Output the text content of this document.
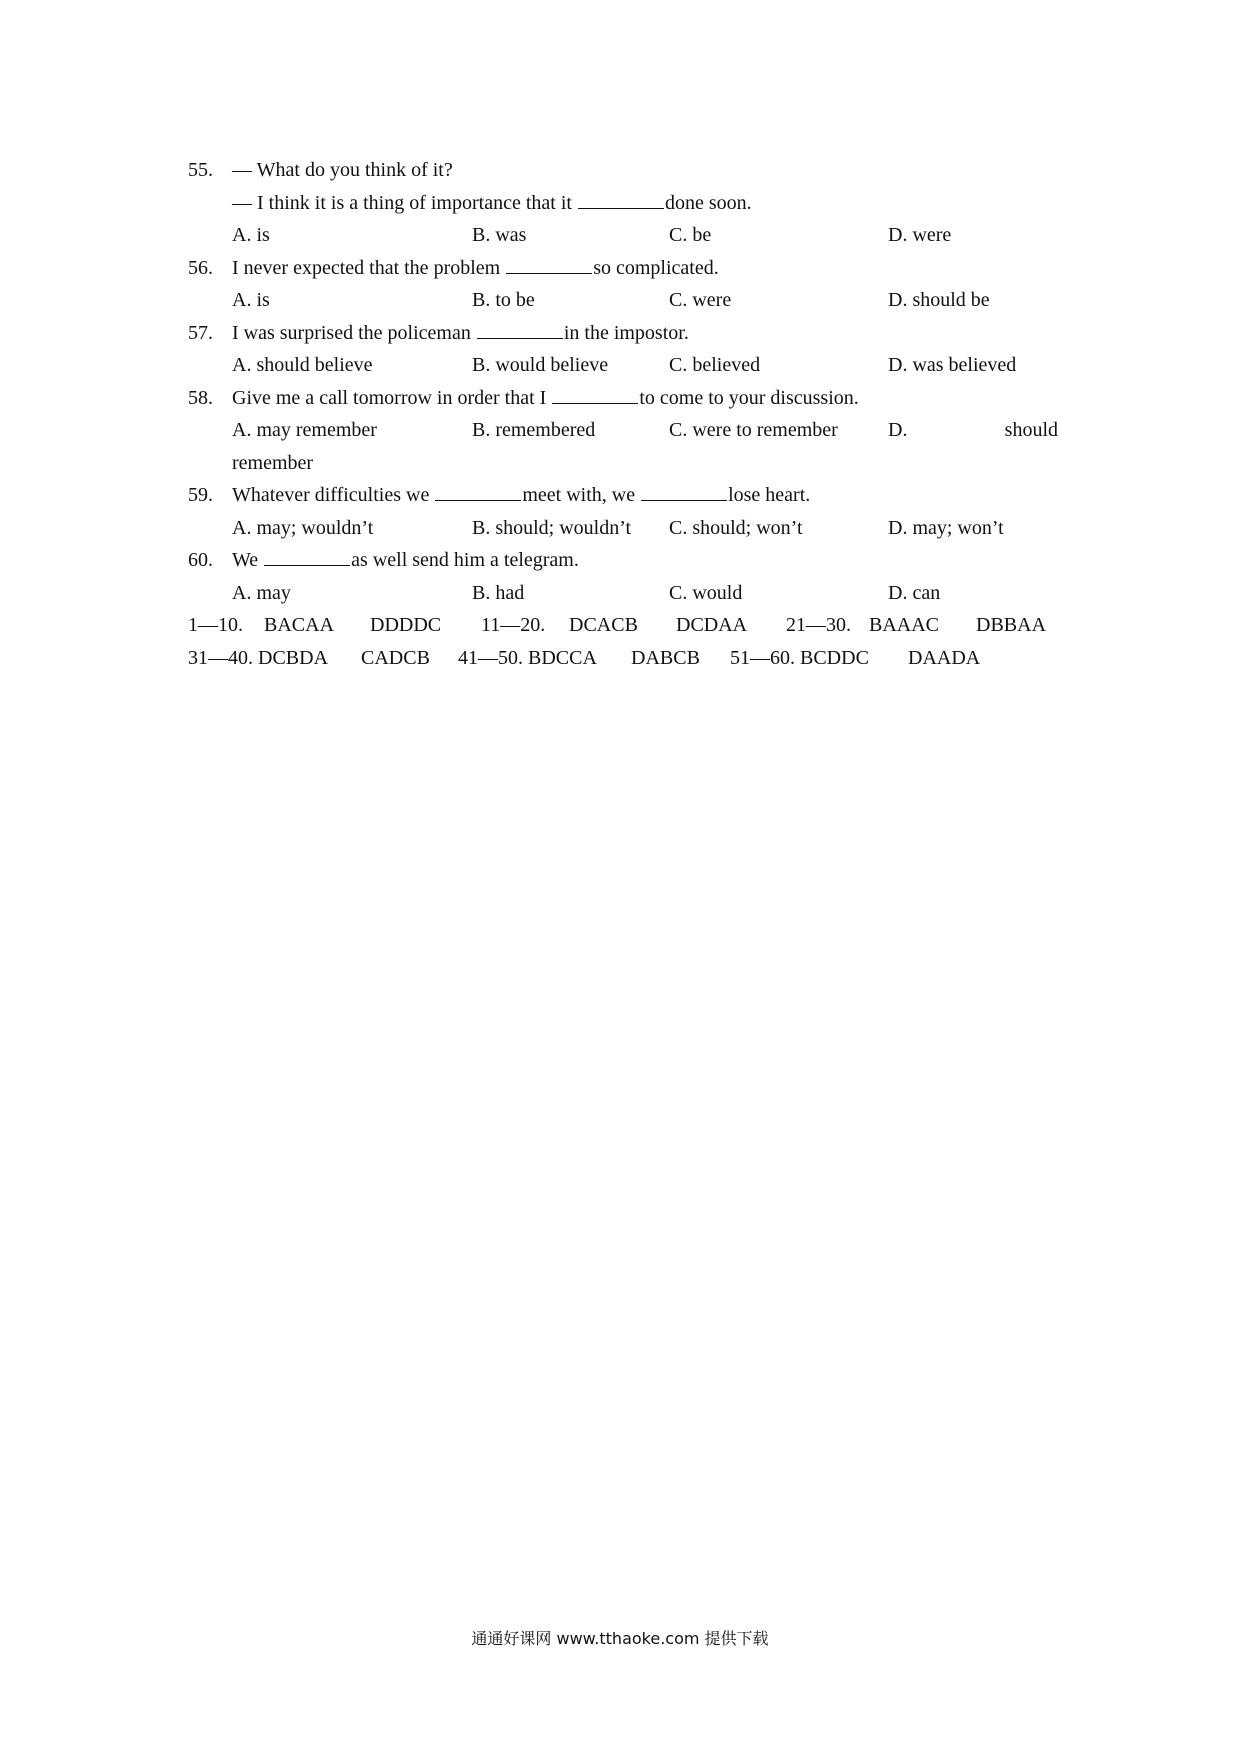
55. — What do you think of it?
— I think it is a thing of importance that it	done soon.
A. is	B. was	C. be	D. were
56. I never expected that the problem	so complicated.
A. is	B. to be	C. were	D. should be
57. I was surprised the policeman	in the impostor.
A. should believe	B. would believe	C. believed	D. was believed
58. Give me a call tomorrow in order that I	to come to your discussion.
A. may remember	B. remembered	C. were to remember	D.	should
remember
59. Whatever difficulties we	meet with, we	lose heart.
A. may; wouldn’t	B. should; wouldn’t C. should; won’t	D. may; won’t
60. We	as well send him a telegram.
A. may	B. had	C. would	D. can
1—10. BACAA DDDDC 11—20. DCACB DCDAA 21—30. BAAAC DBBAA
31—40. DCBDA CADCB 41—50. BDCCA DABCB 51—60. BCDDC DAADA
通通好课网 www.tthaoke.com 提供下载
